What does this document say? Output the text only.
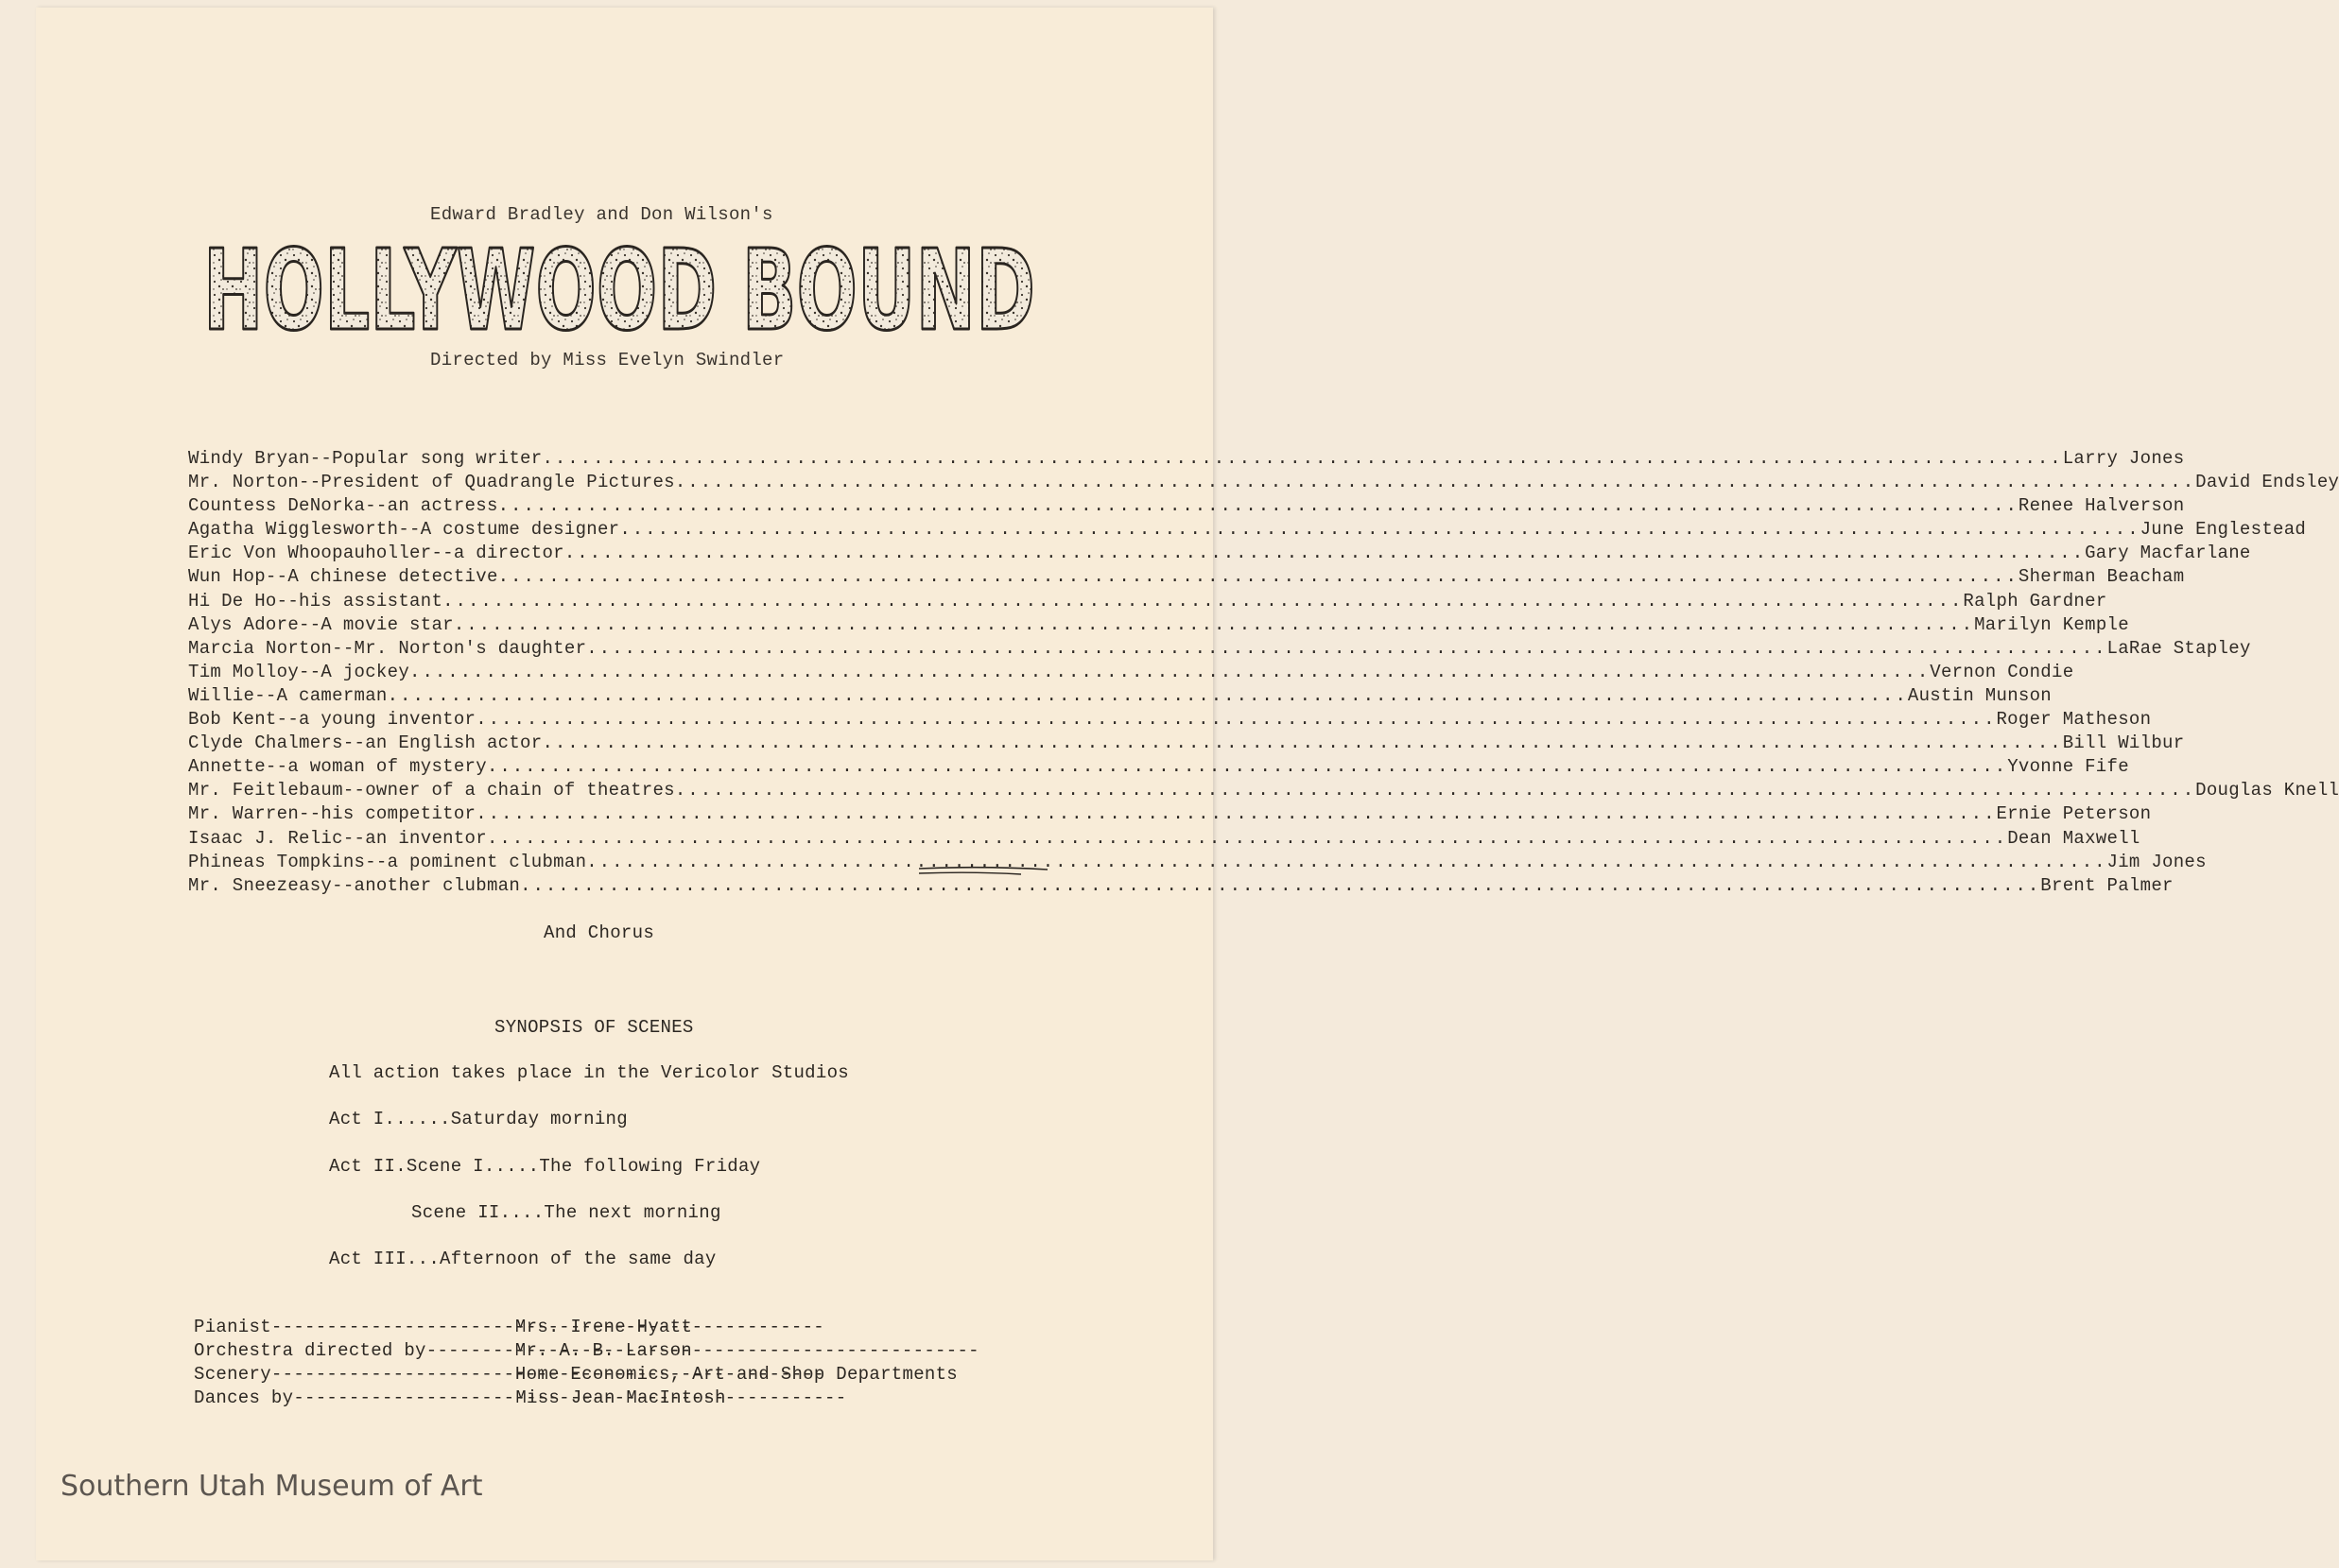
Edward Bradley and Don Wilson's
HOLLYWOOD BOUND
Directed by Miss Evelyn Swindler
Windy Bryan--Popular song writer .....	Larry Jones
Mr. Norton--President of Quadrangle Pictures .....	David Endsley
Countess DeNorka--an actress .....	Renee Halverson
Agatha Wigglesworth--A costume designer .....	June Englestead
Eric Von Whoopauholler--a director .....	Gary Macfarlane
Wun Hop--A chinese detective .....	Sherman Beacham
Hi De Ho--his assistant .....	Ralph Gardner
Alys Adore--A movie star .....	Marilyn Kemple
Marcia Norton--Mr. Norton's daughter .....	LaRae Stapley
Tim Molloy--A jockey .....	Vernon Condie
Willie--A camerman .....	Austin Munson
Bob Kent--a young inventor .....	Roger Matheson
Clyde Chalmers--an English actor .....	Bill Wilbur
Annette--a woman of mystery .....	Yvonne Fife
Mr. Feitlebaum--owner of a chain of theatres .....	Douglas Knell
Mr. Warren--his competitor .....	Ernie Peterson
Isaac J. Relic--an inventor .....	Dean Maxwell
Phineas Tompkins--a pominent clubman .....	Jim Jones
Mr. Sneezeasy--another clubman .....	Brent Palmer
And Chorus
SYNOPSIS OF SCENES
All action takes place in the Vericolor Studios
Act I......Saturday morning
Act II.Scene I.....The following Friday
Scene II....The next morning
Act III...Afternoon of the same day
Pianist -----	Mrs. Irene Hyatt
Orchestra directed by -----	Mr. A. B. Larson
Scenery -----	Home Economics, Art and Shop Departments
Dances by -----	Miss Jean MacIntosh
Southern Utah Museum of Art
